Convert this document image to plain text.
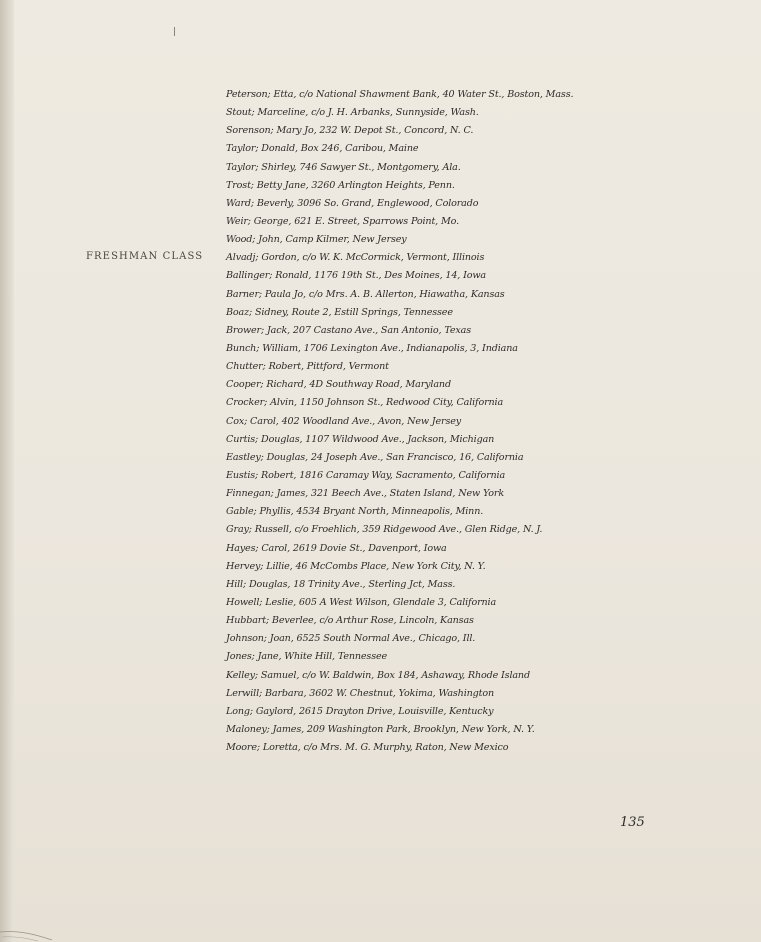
FRESHMAN CLASS
Peterson; Etta, c/o National Shawment Bank, 40 Water St., Boston, Mass.
Stout; Marceline, c/o J. H. Arbanks, Sunnyside, Wash.
Sorenson; Mary Jo, 232 W. Depot St., Concord, N. C.
Taylor; Donald, Box 246, Caribou, Maine
Taylor; Shirley, 746 Sawyer St., Montgomery, Ala.
Trost; Betty Jane, 3260 Arlington Heights, Penn.
Ward; Beverly, 3096 So. Grand, Englewood, Colorado
Weir; George, 621 E. Street, Sparrows Point, Mo.
Wood; John, Camp Kilmer, New Jersey
Alvadj; Gordon, c/o W. K. McCormick, Vermont, Illinois
Ballinger; Ronald, 1176 19th St., Des Moines, 14, Iowa
Barner; Paula Jo, c/o Mrs. A. B. Allerton, Hiawatha, Kansas
Boaz; Sidney, Route 2, Estill Springs, Tennessee
Brower; Jack, 207 Castano Ave., San Antonio, Texas
Bunch; William, 1706 Lexington Ave., Indianapolis, 3, Indiana
Chutter; Robert, Pittford, Vermont
Cooper; Richard, 4D Southway Road, Maryland
Crocker; Alvin, 1150 Johnson St., Redwood City, California
Cox; Carol, 402 Woodland Ave., Avon, New Jersey
Curtis; Douglas, 1107 Wildwood Ave., Jackson, Michigan
Eastley; Douglas, 24 Joseph Ave., San Francisco, 16, California
Eustis; Robert, 1816 Caramay Way, Sacramento, California
Finnegan; James, 321 Beech Ave., Staten Island, New York
Gable; Phyllis, 4534 Bryant North, Minneapolis, Minn.
Gray; Russell, c/o Froehlich, 359 Ridgewood Ave., Glen Ridge, N. J.
Hayes; Carol, 2619 Dovie St., Davenport, Iowa
Hervey; Lillie, 46 McCombs Place, New York City, N. Y.
Hill; Douglas, 18 Trinity Ave., Sterling Jct, Mass.
Howell; Leslie, 605 A West Wilson, Glendale 3, California
Hubbart; Beverlee, c/o Arthur Rose, Lincoln, Kansas
Johnson; Joan, 6525 South Normal Ave., Chicago, Ill.
Jones; Jane, White Hill, Tennessee
Kelley; Samuel, c/o W. Baldwin, Box 184, Ashaway, Rhode Island
Lerwill; Barbara, 3602 W. Chestnut, Yokima, Washington
Long; Gaylord, 2615 Drayton Drive, Louisville, Kentucky
Maloney; James, 209 Washington Park, Brooklyn, New York, N. Y.
Moore; Loretta, c/o Mrs. M. G. Murphy, Raton, New Mexico
135
